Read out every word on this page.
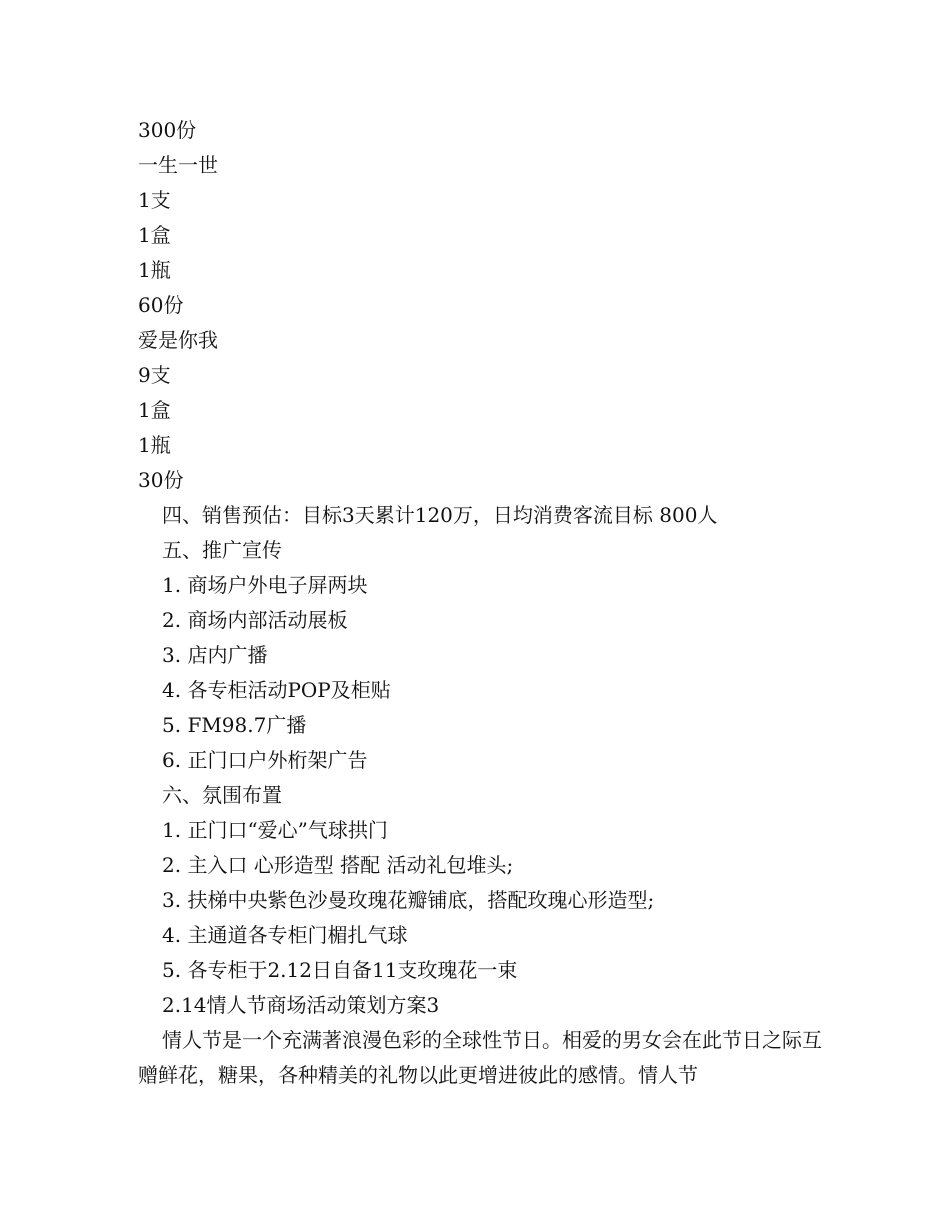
300份

一生一世

1支

1盒

1瓶

60份

爱是你我

9支

1盒

1瓶

30份

四、销售预估：目标3天累计120万，日均消费客流目标 800人

五、推广宣传

1. 商场户外电子屏两块

2. 商场内部活动展板

3. 店内广播

4. 各专柜活动POP及柜贴

5. FM98.7广播

6. 正门口户外桁架广告

六、氛围布置

1. 正门口“爱心”气球拱门

2. 主入口 心形造型 搭配 活动礼包堆头;

3. 扶梯中央紫色沙曼玫瑰花瓣铺底，搭配玫瑰心形造型;

4. 主通道各专柜门楣扎气球

5. 各专柜于2.12日自备11支玫瑰花一束

2.14情人节商场活动策划方案3

情人节是一个充满著浪漫色彩的全球性节日。相爱的男女会在此节日之际互赠鲜花，糖果，各种精美的礼物以此更增进彼此的感情。情人节
